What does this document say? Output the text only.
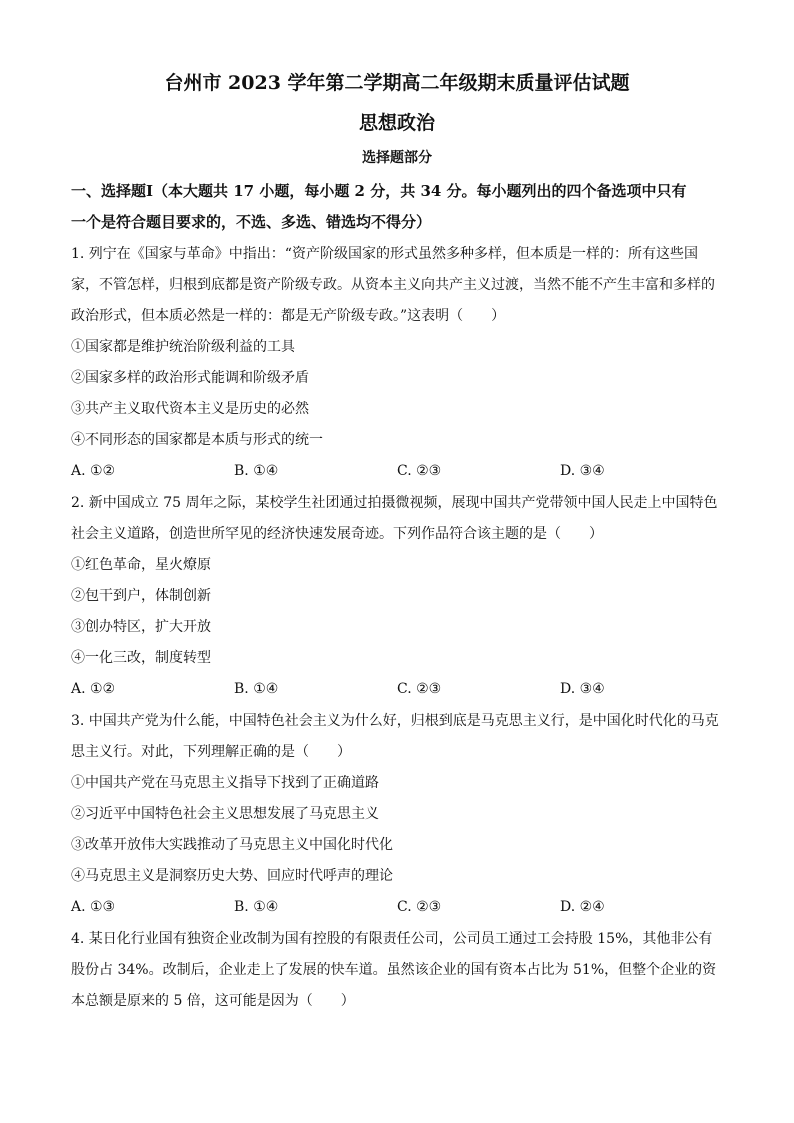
台州市 2023 学年第二学期高二年级期末质量评估试题
思想政治
选择题部分
一、选择题Ⅰ（本大题共 17 小题，每小题 2 分，共 34 分。每小题列出的四个备选项中只有
一个是符合题目要求的，不选、多选、错选均不得分）
1. 列宁在《国家与革命》中指出：“资产阶级国家的形式虽然多种多样，但本质是一样的：所有这些国
家，不管怎样，归根到底都是资产阶级专政。从资本主义向共产主义过渡，当然不能不产生丰富和多样的
政治形式，但本质必然是一样的：都是无产阶级专政。”这表明（　　）
①国家都是维护统治阶级利益的工具
②国家多样的政治形式能调和阶级矛盾
③共产主义取代资本主义是历史的必然
④不同形态的国家都是本质与形式的统一
A. ①②	B. ①④	C. ②③	D. ③④
2. 新中国成立 75 周年之际，某校学生社团通过拍摄微视频，展现中国共产党带领中国人民走上中国特色
社会主义道路，创造世所罕见的经济快速发展奇迹。下列作品符合该主题的是（　　）
①红色革命，星火燎原
②包干到户，体制创新
③创办特区，扩大开放
④一化三改，制度转型
A. ①②	B. ①④	C. ②③	D. ③④
3. 中国共产党为什么能，中国特色社会主义为什么好，归根到底是马克思主义行，是中国化时代化的马克
思主义行。对此，下列理解正确的是（　　）
①中国共产党在马克思主义指导下找到了正确道路
②习近平中国特色社会主义思想发展了马克思主义
③改革开放伟大实践推动了马克思主义中国化时代化
④马克思主义是洞察历史大势、回应时代呼声的理论
A. ①③	B. ①④	C. ②③	D. ②④
4. 某日化行业国有独资企业改制为国有控股的有限责任公司，公司员工通过工会持股 15%，其他非公有
股份占 34%。改制后，企业走上了发展的快车道。虽然该企业的国有资本占比为 51%，但整个企业的资
本总额是原来的 5 倍，这可能是因为（　　）
